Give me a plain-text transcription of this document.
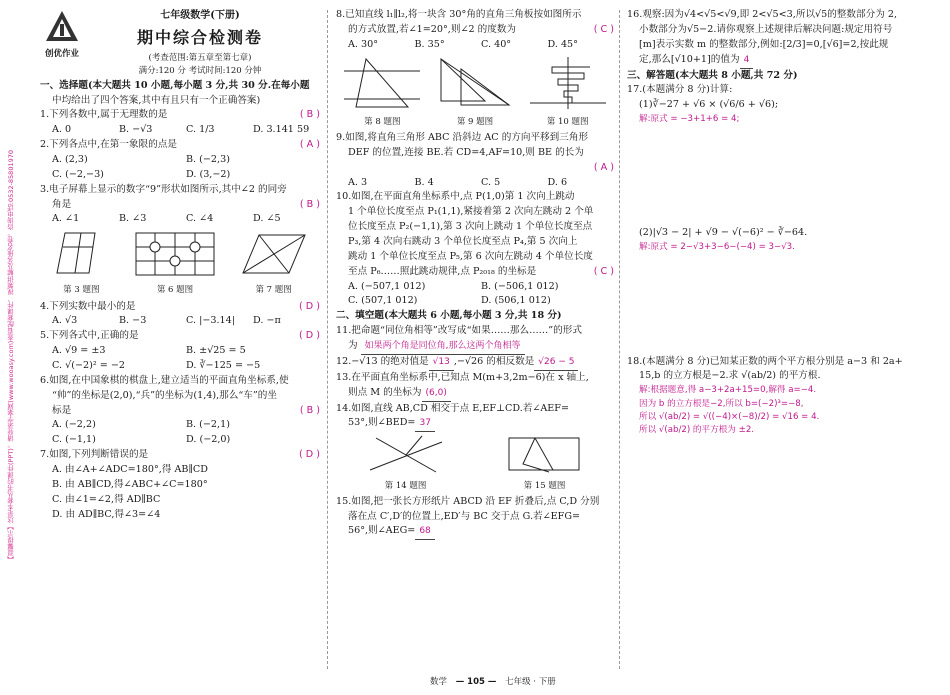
【温馨提示】这是本套丛书的课件(PPT)。请登录学案网(www.wooasy.com)查看配套课件、视频讲解及各地名卷。咨询电话:0532-85801970
创优作业
七年级数学(下册)
期中综合检测卷
(考查范围:第五章至第七章)
满分:120 分 考试时间:120 分钟
一、选择题(本大题共 10 小题,每小题 3 分,共 30 分.在每小题
中均给出了四个答案,其中有且只有一个正确答案)
1.下列各数中,属于无理数的是	( B )
A. 0	B. −√3	C. 1/3	D. 3.141 59
2.下列各点中,在第一象限的点是	( A )
A. (2,3)	B. (−2,3)
C. (−2,−3)	D. (3,−2)
3.电子屏幕上显示的数字“9”形状如图所示,其中∠2 的同旁
角是	( B )
A. ∠1	B. ∠3	C. ∠4	D. ∠5
第 3 题图	第 6 题图	第 7 题图
4.下列实数中最小的是	( D )
A. √3	B. −3	C. |−3.14|	D. −π
5.下列各式中,正确的是	( D )
A. √9 = ±3	B. ±√25 = 5
C. √(−2)² = −2	D. ∛−125 = −5
6.如图,在中国象棋的棋盘上,建立适当的平面直角坐标系,使
“帅”的坐标是(2,0),“兵”的坐标为(1,4),那么“车”的坐
标是	( B )
A. (−2,2)	B. (−2,1)
C. (−1,1)	D. (−2,0)
7.如图,下列判断错误的是	( D )
A. 由∠A+∠ADC=180°,得 AB∥CD
B. 由 AB∥CD,得∠ABC+∠C=180°
C. 由∠1=∠2,得 AD∥BC
D. 由 AD∥BC,得∠3=∠4
8.已知直线 l₁∥l₂,将一块含 30°角的直角三角板按如图所示
的方式放置,若∠1=20°,则∠2 的度数为	( C )
A. 30°	B. 35°	C. 40°	D. 45°
第 8 题图	第 9 题图	第 10 题图
9.如图,将直角三角形 ABC 沿斜边 AC 的方向平移到三角形
DEF 的位置,连接 BE.若 CD=4,AF=10,则 BE 的长为
( A )
A. 3	B. 4	C. 5	D. 6
10.如图,在平面直角坐标系中,点 P(1,0)第 1 次向上跳动
1 个单位长度至点 P₁(1,1),紧接着第 2 次向左跳动 2 个单
位长度至点 P₂(−1,1),第 3 次向上跳动 1 个单位长度至点
P₃,第 4 次向右跳动 3 个单位长度至点 P₄,第 5 次向上
跳动 1 个单位长度至点 P₅,第 6 次向左跳动 4 个单位长度
至点 P₆……照此跳动规律,点 P₂₀₁₈ 的坐标是	( C )
A. (−507,1 012)	B. (−506,1 012)
C. (507,1 012)	D. (506,1 012)
二、填空题(本大题共 6 小题,每小题 3 分,共 18 分)
11.把命题“同位角相等”改写成“如果……那么……”的形式
为 如果两个角是同位角,那么这两个角相等
12.−√13 的绝对值是 √13 ,−√26 的相反数是 √26 − 5
13.在平面直角坐标系中,已知点 M(m+3,2m−6)在 x 轴上,
则点 M 的坐标为 (6,0)
14.如图,直线 AB,CD 相交于点 E,EF⊥CD.若∠AEF=
53°,则∠BED= 37
第 14 题图	第 15 题图
15.如图,把一张长方形纸片 ABCD 沿 EF 折叠后,点 C,D 分别
落在点 C′,D′的位置上,ED′与 BC 交于点 G.若∠EFG=
56°,则∠AEG= 68
16.观察:因为√4<√5<√9,即 2<√5<3,所以√5的整数部分为 2,
小数部分为√5−2.请你观察上述规律后解决问题:规定用符号
[m]表示实数 m 的整数部分,例如:[2/3]=0,[√6]=2,按此规
定,那么[√10+1]的值为 4
三、解答题(本大题共 8 小题,共 72 分)
17.(本题满分 8 分)计算:
(1)∛−27 + √6 × (√6/6 + √6);
解:原式 = −3+1+6 = 4;
(2)|√3 − 2| + √9 − √(−6)² − ∛−64.
解:原式 = 2−√3+3−6−(−4) = 3−√3.
18.(本题满分 8 分)已知某正数的两个平方根分别是 a−3 和 2a+
15,b 的立方根是−2.求 √(ab/2) 的平方根.
解:根据题意,得 a−3+2a+15=0,解得 a=−4.
因为 b 的立方根是−2,所以 b=(−2)³=−8,
所以 √(ab/2) = √((−4)×(−8)/2) = √16 = 4.
所以 √(ab/2) 的平方根为 ±2.
数学 — 105 — 七年级 · 下册
